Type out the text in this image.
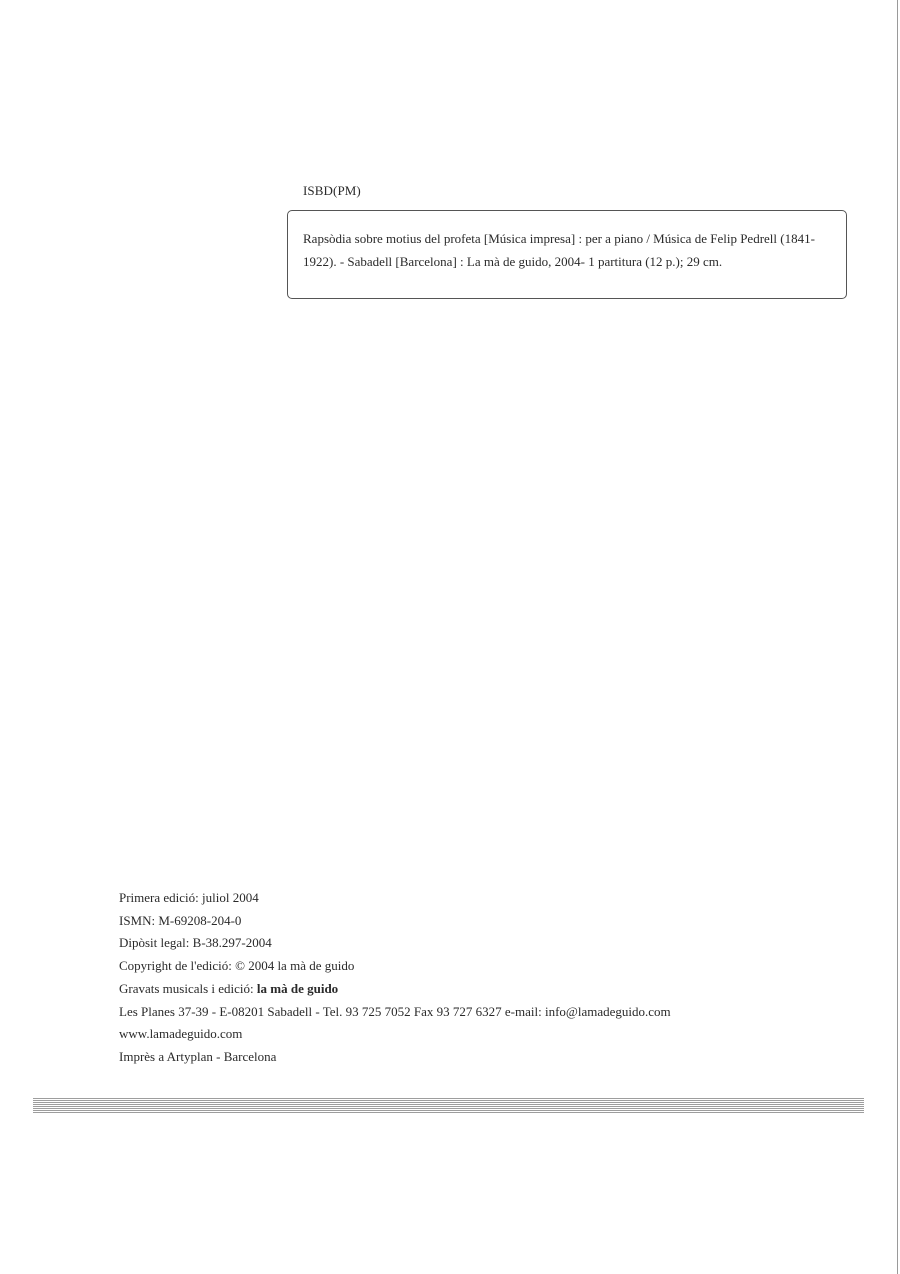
ISBD(PM)
Rapsòdia sobre motius del profeta [Música impresa] : per a piano / Música de Felip Pedrell (1841-1922). - Sabadell [Barcelona] : La mà de guido, 2004- 1 partitura (12 p.); 29 cm.
Primera edició: juliol 2004
ISMN: M-69208-204-0
Dipòsit legal: B-38.297-2004
Copyright de l'edició: © 2004 la mà de guido
Gravats musicals i edició: la mà de guido
Les Planes 37-39 - E-08201 Sabadell - Tel. 93 725 7052 Fax 93 727 6327 e-mail: info@lamadeguido.com
www.lamadeguido.com
Imprès a Artyplan - Barcelona
